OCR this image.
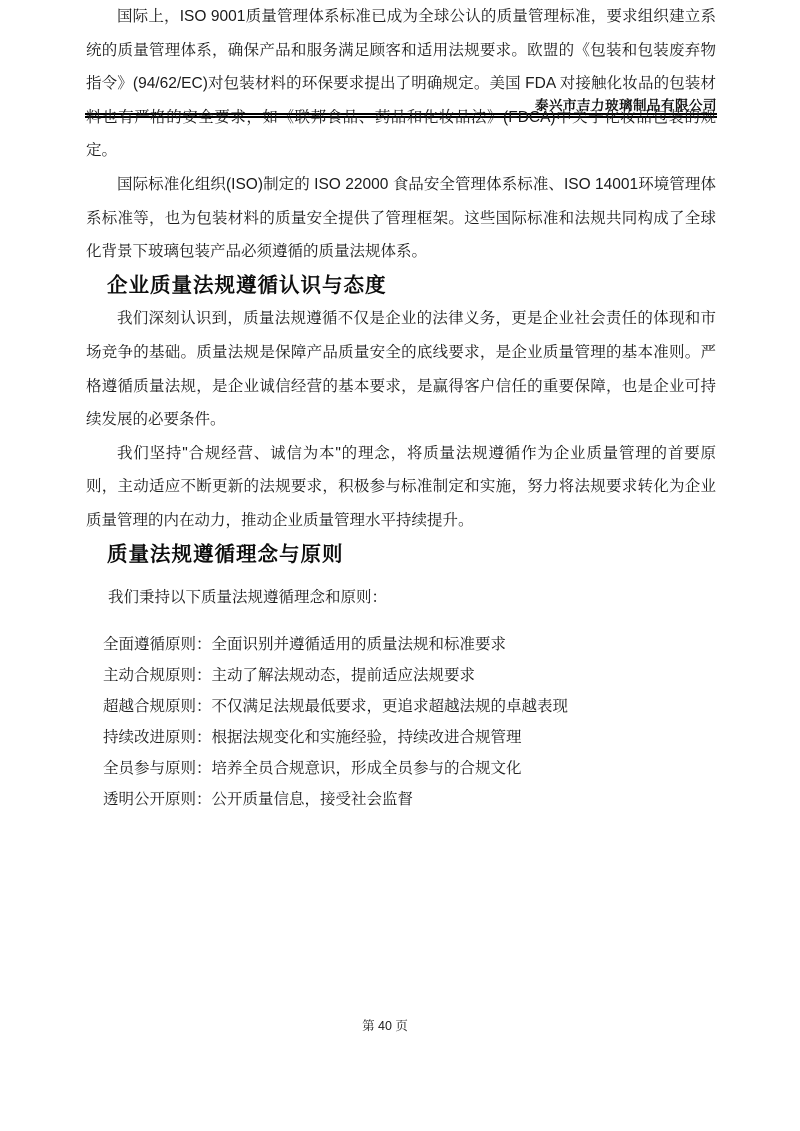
泰兴市吉力玻璃制品有限公司

国际上，ISO 9001质量管理体系标准已成为全球公认的质量管理标准，要求组织建立系统的质量管理体系，确保产品和服务满足顾客和适用法规要求。欧盟的《包装和包装废弃物指令》(94/62/EC)对包装材料的环保要求提出了明确规定。美国 FDA 对接触化妆品的包装材料也有严格的安全要求，如《联邦食品、药品和化妆品法》(FDCA)中关于化妆品包装的规定。

国际标准化组织(ISO)制定的 ISO 22000 食品安全管理体系标准、ISO 14001环境管理体系标准等，也为包装材料的质量安全提供了管理框架。这些国际标准和法规共同构成了全球化背景下玻璃包装产品必须遵循的质量法规体系。

企业质量法规遵循认识与态度

我们深刻认识到，质量法规遵循不仅是企业的法律义务，更是企业社会责任的体现和市场竞争的基础。质量法规是保障产品质量安全的底线要求，是企业质量管理的基本准则。严格遵循质量法规，是企业诚信经营的基本要求，是赢得客户信任的重要保障，也是企业可持续发展的必要条件。

我们坚持"合规经营、诚信为本"的理念，将质量法规遵循作为企业质量管理的首要原则，主动适应不断更新的法规要求，积极参与标准制定和实施，努力将法规要求转化为企业质量管理的内在动力，推动企业质量管理水平持续提升。

质量法规遵循理念与原则

我们秉持以下质量法规遵循理念和原则：

全面遵循原则：全面识别并遵循适用的质量法规和标准要求

主动合规原则：主动了解法规动态，提前适应法规要求

超越合规原则：不仅满足法规最低要求，更追求超越法规的卓越表现

持续改进原则：根据法规变化和实施经验，持续改进合规管理

全员参与原则：培养全员合规意识，形成全员参与的合规文化

透明公开原则：公开质量信息，接受社会监督

第 40 页
